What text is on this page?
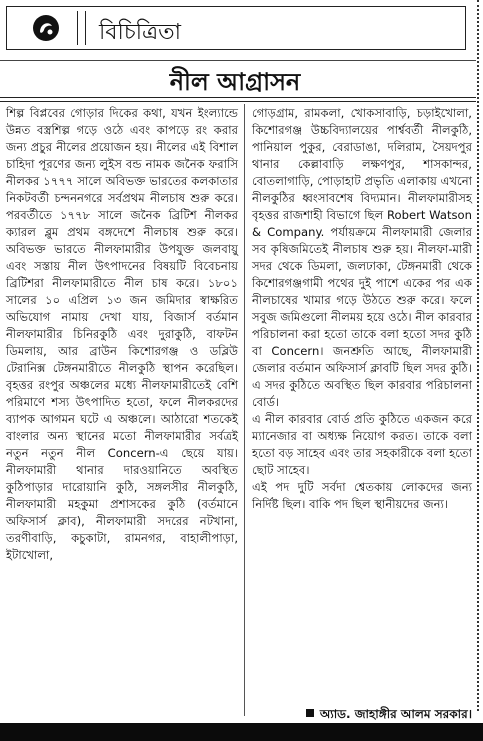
বিচিত্রিতা
নীল আগ্রাসন

শিল্প বিপ্লবের গোড়ার দিকের কথা, যখন ইংল্যান্ডে উন্নত বস্ত্রশিল্প গড়ে ওঠে এবং কাপড়ে রং করার জন্য প্রচুর নীলের প্রয়োজন হয়। নীলের এই বিশাল চাহিদা পূরণের জন্য লুইস বন্ড নামক জনৈক ফরাসি নীলকর ১৭৭৭ সালে অবিভক্ত ভারতের কলকাতার নিকটবর্তী চন্দননগরে সর্বপ্রথম নীলচাষ শুরু করে। পরবর্তীতে ১৭৭৮ সালে জনৈক ব্রিটিশ নীলকর ক্যারল ব্লুম প্রথম বঙ্গদেশে নীলচাষ শুরু করে। অবিভক্ত ভারতে নীলফামারীর উপযুক্ত জলবায়ু এবং সস্তায় নীল উৎপাদনের বিষয়টি বিবেচনায় ব্রিটিশরা নীলফামারীতে নীল চাষ করে। ১৮০১ সালের ১০ এপ্রিল ১৩ জন জমিদার স্বাক্ষরিত অভিযোগ নামায় দেখা যায়, বিজার্স বর্তমান নীলফামারীর চিনিরকুঠি এবং দুরাকুঠি, বাফটন ডিমলায়, আর ব্রাউন কিশোরগঞ্জ ও ডব্লিউ টেরানিক্স টেঙ্গনমারীতে নীলকুঠি স্থাপন করেছিল। বৃহত্তর রংপুর অঞ্চলের মধ্যে নীলফামারীতেই বেশি পরিমাণে শস্য উৎপাদিত হতো, ফলে নীলকরদের ব্যাপক আগমন ঘটে এ অঞ্চলে। আঠারো শতকেই বাংলার অন্য স্থানের মতো নীলফামারীর সর্বত্রই নতুন নতুন নীল Concern-এ ছেয়ে যায়। নীলফামারী থানার দারওয়ানিতে অবস্থিত কুঠিপাড়ার দারোয়ানি কুঠি, সঙ্গলসীর নীলকুঠি, নীলফামারী মহকুমা প্রশাসকের কুঠি (বর্তমানে অফিসার্স ক্লাব), নীলফামারী সদরের নটখানা, তরণীবাড়ি, কচুকাটা, রামনগর, বাহালীপাড়া, ইটাখোলা,

গোড়গ্রাম, রামকলা, খোকসাবাড়ি, চড়াইখোলা, কিশোরগঞ্জ উচ্চবিদ্যালয়ের পার্শ্ববর্তী নীলকুঠি, পানিয়াল পুকুর, বেরাডাঙা, দলিরাম, সৈয়দপুর থানার কেল্লাবাড়ি লক্ষণপুর, শাসকান্দর, বোতলাগাড়ি, পোড়াহাট প্রভৃতি এলাকায় এখনো নীলকুঠির ধ্বংসাবশেষ বিদ্যমান। নীলফামারীসহ বৃহত্তর রাজশাহী বিভাগে ছিল Robert Watson & Company. পর্যায়ক্রমে নীলফামারী জেলার সব কৃষিজমিতেই নীলচাষ শুরু হয়। নীলফা-মারী সদর থেকে ডিমলা, জলঢাকা, টেঙ্গনমারী থেকে কিশোরগঞ্জগামী পথের দুই পাশে একের পর এক নীলচাষের খামার গড়ে উঠতে শুরু করে। ফলে সবুজ জমিগুলো নীলময় হয়ে ওঠে। নীল কারবার পরিচালনা করা হতো তাকে বলা হতো সদর কুঠি বা Concern। জনশ্রুতি আছে, নীলফামারী জেলার বর্তমান অফিসার্স ক্লাবটি ছিল সদর কুঠি। এ সদর কুঠিতে অবস্থিত ছিল কারবার পরিচালনা বোর্ড।

এ নীল কারবার বোর্ড প্রতি কুঠিতে একজন করে ম্যানেজার বা অধ্যক্ষ নিয়োগ করত। তাকে বলা হতো বড় সাহেব এবং তার সহকারীকে বলা হতো ছোট সাহেব।

এই পদ দুটি সর্বদা শ্বেতকায় লোকদের জন্য নির্দিষ্ট ছিল। বাকি পদ ছিল স্থানীয়দের জন্য।

অ্যাড. জাহাঙ্গীর আলম সরকার।
